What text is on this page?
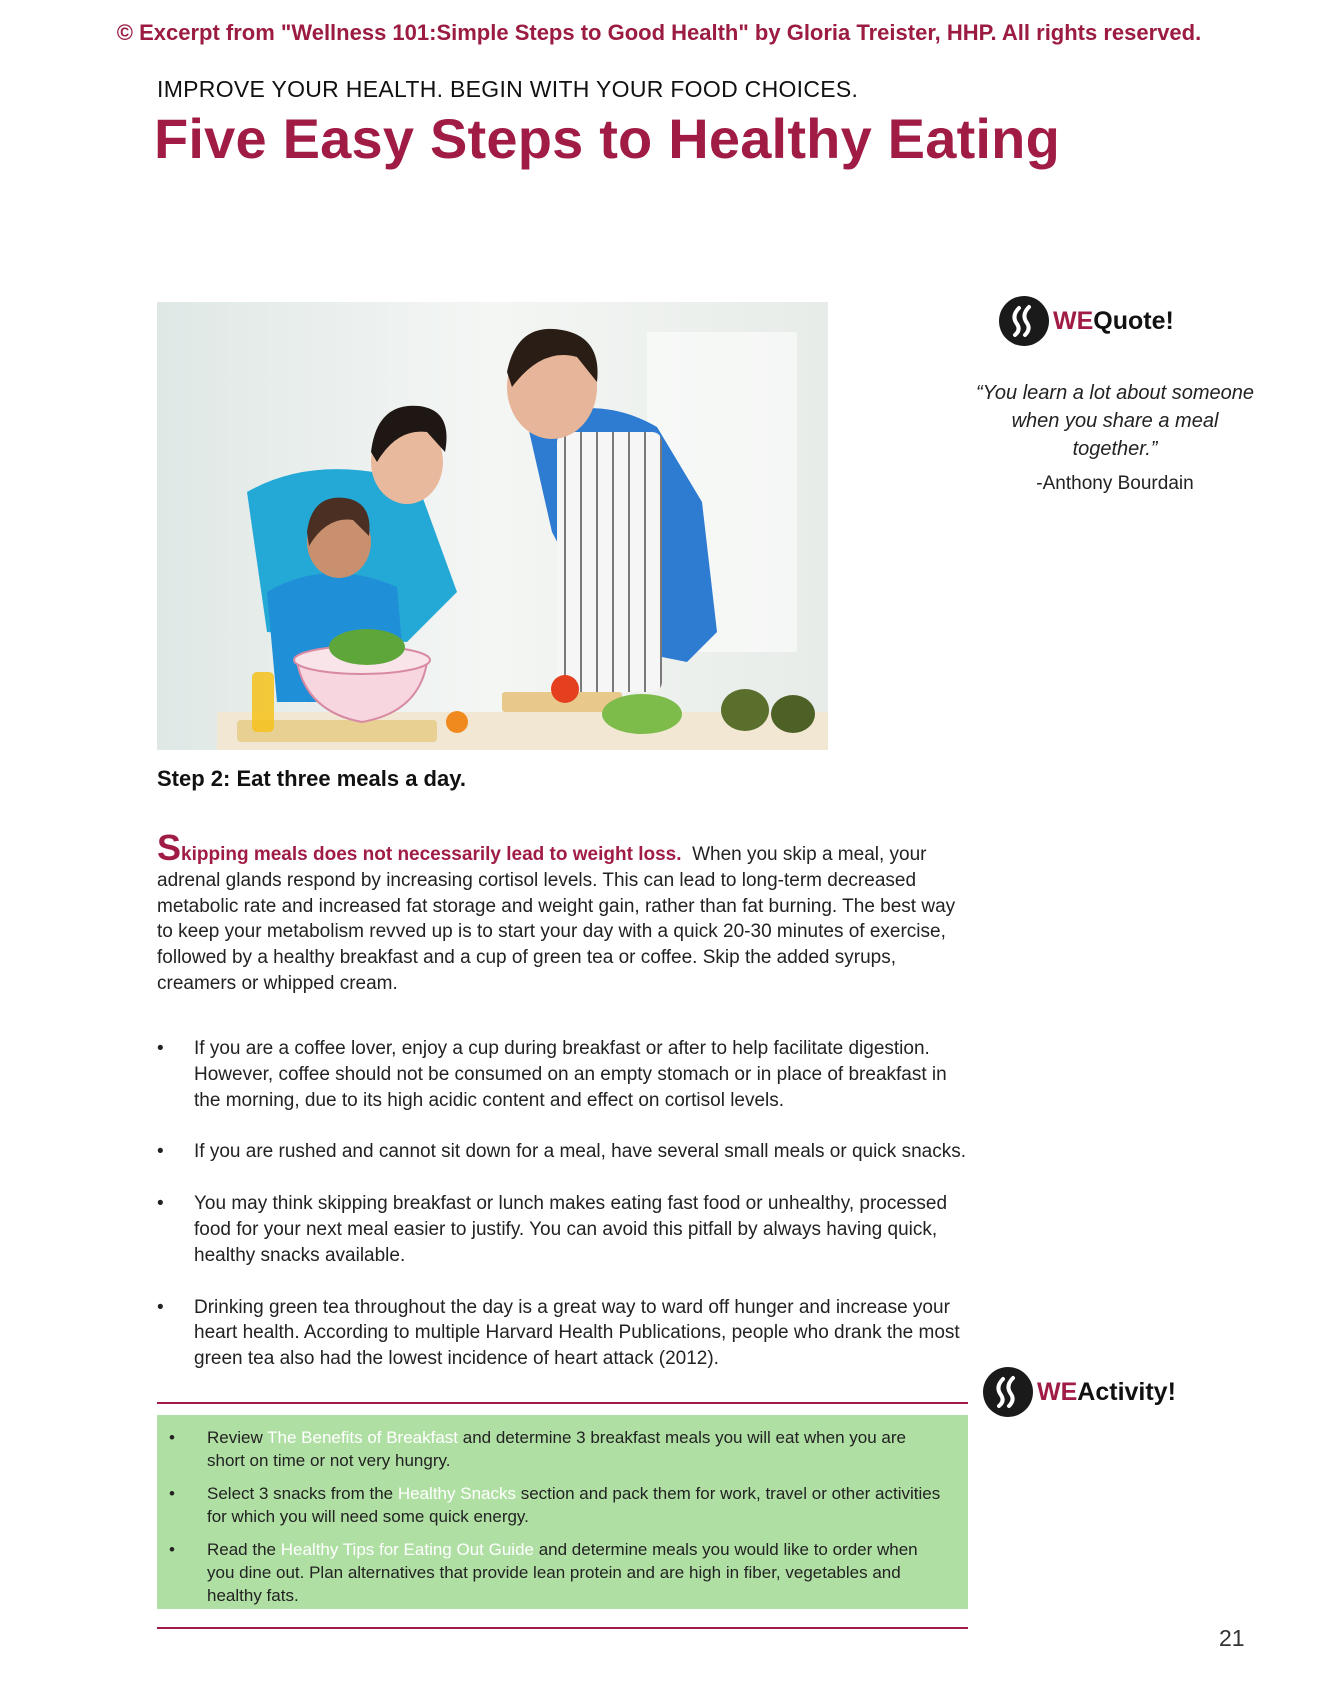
© Excerpt from "Wellness 101:Simple Steps to Good Health" by Gloria Treister, HHP. All rights reserved.
IMPROVE YOUR HEALTH. BEGIN WITH YOUR FOOD CHOICES.
Five Easy Steps to Healthy Eating
WEQuote!
“You learn a lot about someone when you share a meal together.”
-Anthony Bourdain
Step 2: Eat three meals a day.
Skipping meals does not necessarily lead to weight loss. When you skip a meal, your adrenal glands respond by increasing cortisol levels. This can lead to long-term decreased metabolic rate and increased fat storage and weight gain, rather than fat burning. The best way to keep your metabolism revved up is to start your day with a quick 20-30 minutes of exercise, followed by a healthy breakfast and a cup of green tea or coffee. Skip the added syrups, creamers or whipped cream.
• If you are a coffee lover, enjoy a cup during breakfast or after to help facilitate digestion. However, coffee should not be consumed on an empty stomach or in place of breakfast in the morning, due to its high acidic content and effect on cortisol levels.
• If you are rushed and cannot sit down for a meal, have several small meals or quick snacks.
• You may think skipping breakfast or lunch makes eating fast food or unhealthy, processed food for your next meal easier to justify. You can avoid this pitfall by always having quick, healthy snacks available.
• Drinking green tea throughout the day is a great way to ward off hunger and increase your heart health. According to multiple Harvard Health Publications, people who drank the most green tea also had the lowest incidence of heart attack (2012).
WEActivity!
• Review The Benefits of Breakfast and determine 3 breakfast meals you will eat when you are short on time or not very hungry.
• Select 3 snacks from the Healthy Snacks section and pack them for work, travel or other activities for which you will need some quick energy.
• Read the Healthy Tips for Eating Out Guide and determine meals you would like to order when you dine out. Plan alternatives that provide lean protein and are high in fiber, vegetables and healthy fats.
21
